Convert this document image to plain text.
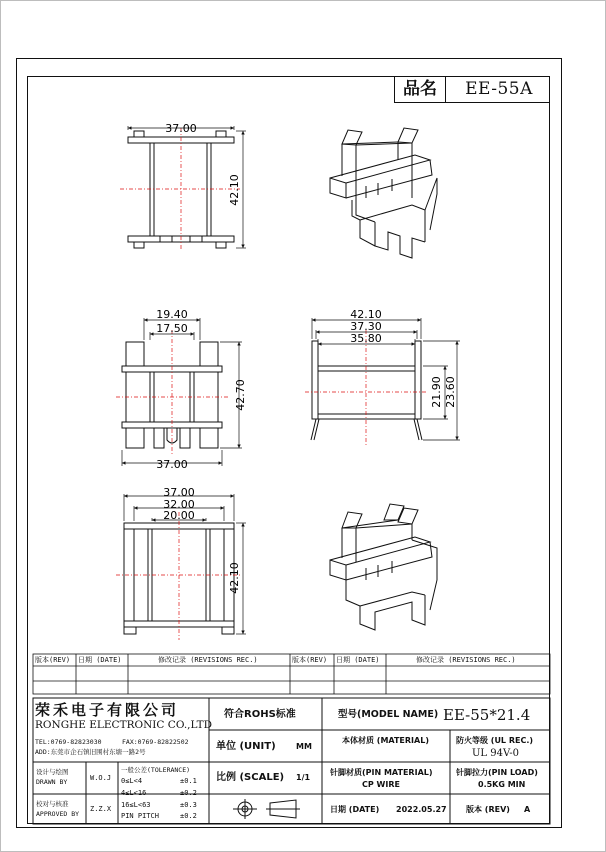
品名	EE-55A
37.00
42.10
19.40
17.50
42.70
37.00
42.10
37.30
35.80
21.90 23.60
37.00
32.00
20.00
42.10
版本(REV) 日期 (DATE)	修改记录 (REVISIONS REC.)	版本(REV) 日期 (DATE)	修改记录 (REVISIONS REC.)
荣禾电子有限公司
RONGHE ELECTRONIC CO.,LTD
TEL:0769-82823030	FAX:0769-82822502
ADD:东莞市企石镇旧围村东塘一路2号
设计与绘图
DRAWN BY	W.O.J
校对与核准
APPROVED BY
Z.Z.X
一般公差(TOLERANCE)
0≤L<4	±0.1
4≤L<16	±0.2
16≤L<63	±0.3
PIN PITCH	±0.2
符合ROHS标准
单位 (UNIT)	MM
比例 (SCALE) 1/1
型号(MODEL NAME) EE-55*21.4
本体材质 (MATERIAL)	防火等级 (UL REC.)
UL 94V-0
针脚材质(PIN MATERIAL)
CP WIRE
针脚拉力(PIN LOAD)
0.5KG MIN
日期 (DATE) 2022.05.27 版本 (REV) A
